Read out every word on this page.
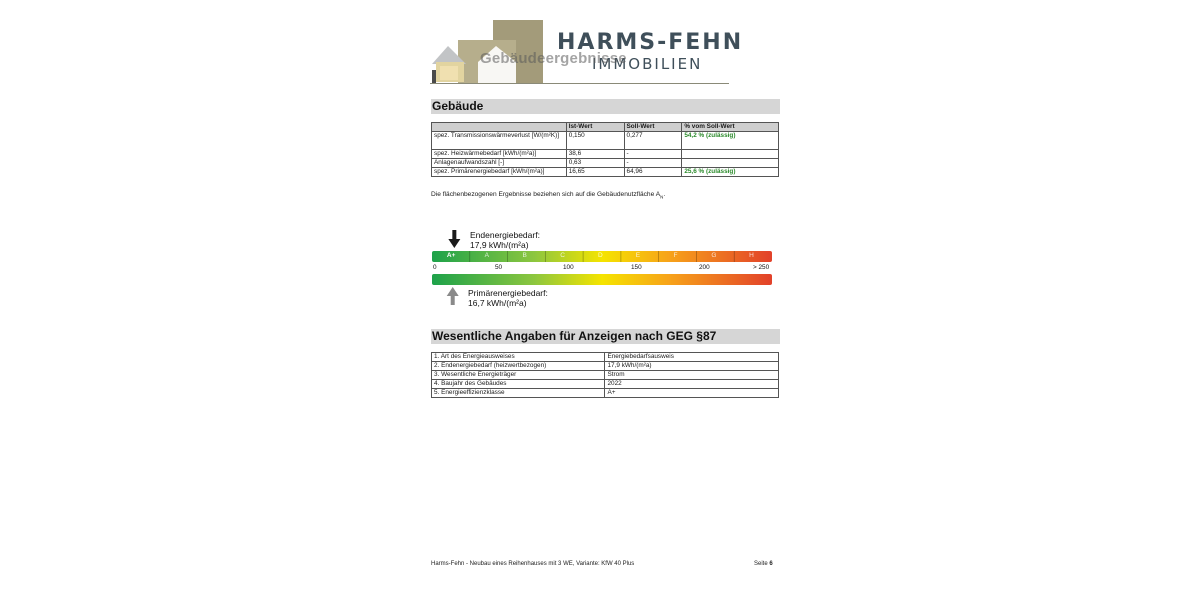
HARMS-FEHN
IMMOBILIEN
Gebäudeergebnisse
Gebäude
	Ist-Wert	Soll-Wert	% vom Soll-Wert
spez. Transmissionswärmeverlust [W/(m²K)]	0,150	0,277	54,2 % (zulässig)
spez. Heizwärmebedarf [kWh/(m²a)]	38,6	-	
Anlagenaufwandszahl [-]	0,63	-	
spez. Primärenergiebedarf [kWh/(m²a)]	16,65	64,96	25,6 % (zulässig)
Die flächenbezogenen Ergebnisse beziehen sich auf die Gebäudenutzfläche $A_N$.
Endenergiebedarf:
17,9 kWh/(m²a)
Primärenergiebedarf:
16,7 kWh/(m²a)
A+	A	B	C	D	E	F	G	H
0	50	100	150	200	> 250
Wesentliche Angaben für Anzeigen nach GEG §87
1. Art des Energieausweises	Energiebedarfsausweis
2. Endenergiebedarf (heizwertbezogen)	17,9 kWh/(m²a)
3. Wesentliche Energieträger	Strom
4. Baujahr des Gebäudes	2022
5. Energieeffizienzklasse	A+
Harms-Fehn - Neubau eines Reihenhauses mit 3 WE, Variante: KfW 40 Plus	Seite 6
